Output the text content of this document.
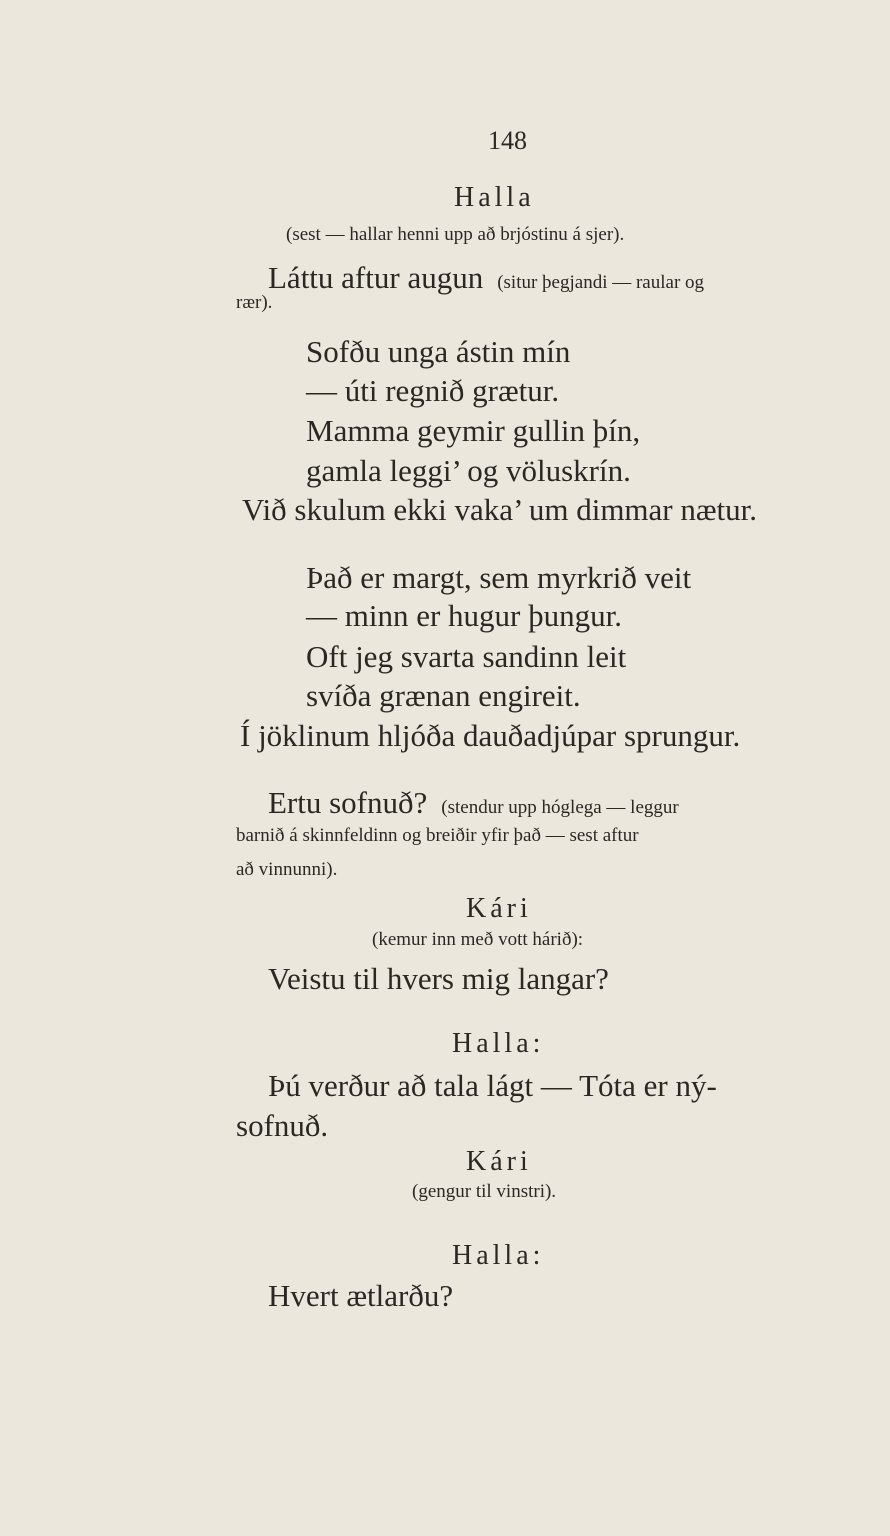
148
Halla
(sest — hallar henni upp að brjóstinu á sjer).
Láttu aftur augun (situr þegjandi — raular og
rær).
Sofðu unga ástin mín
— úti regnið grætur.
Mamma geymir gullin þín,
gamla leggi’ og völuskrín.
Við skulum ekki vaka’ um dimmar nætur.
Það er margt, sem myrkrið veit
— minn er hugur þungur.
Oft jeg svarta sandinn leit
svíða grænan engireit.
Í jöklinum hljóða dauðadjúpar sprungur.
Ertu sofnuð? (stendur upp hóglega — leggur
barnið á skinnfeldinn og breiðir yfir það — sest aftur
að vinnunni).
Kári
(kemur inn með vott hárið):
Veistu til hvers mig langar?
Halla:
Þú verður að tala lágt — Tóta er ný-
sofnuð.
Kári
(gengur til vinstri).
Halla:
Hvert ætlarðu?
